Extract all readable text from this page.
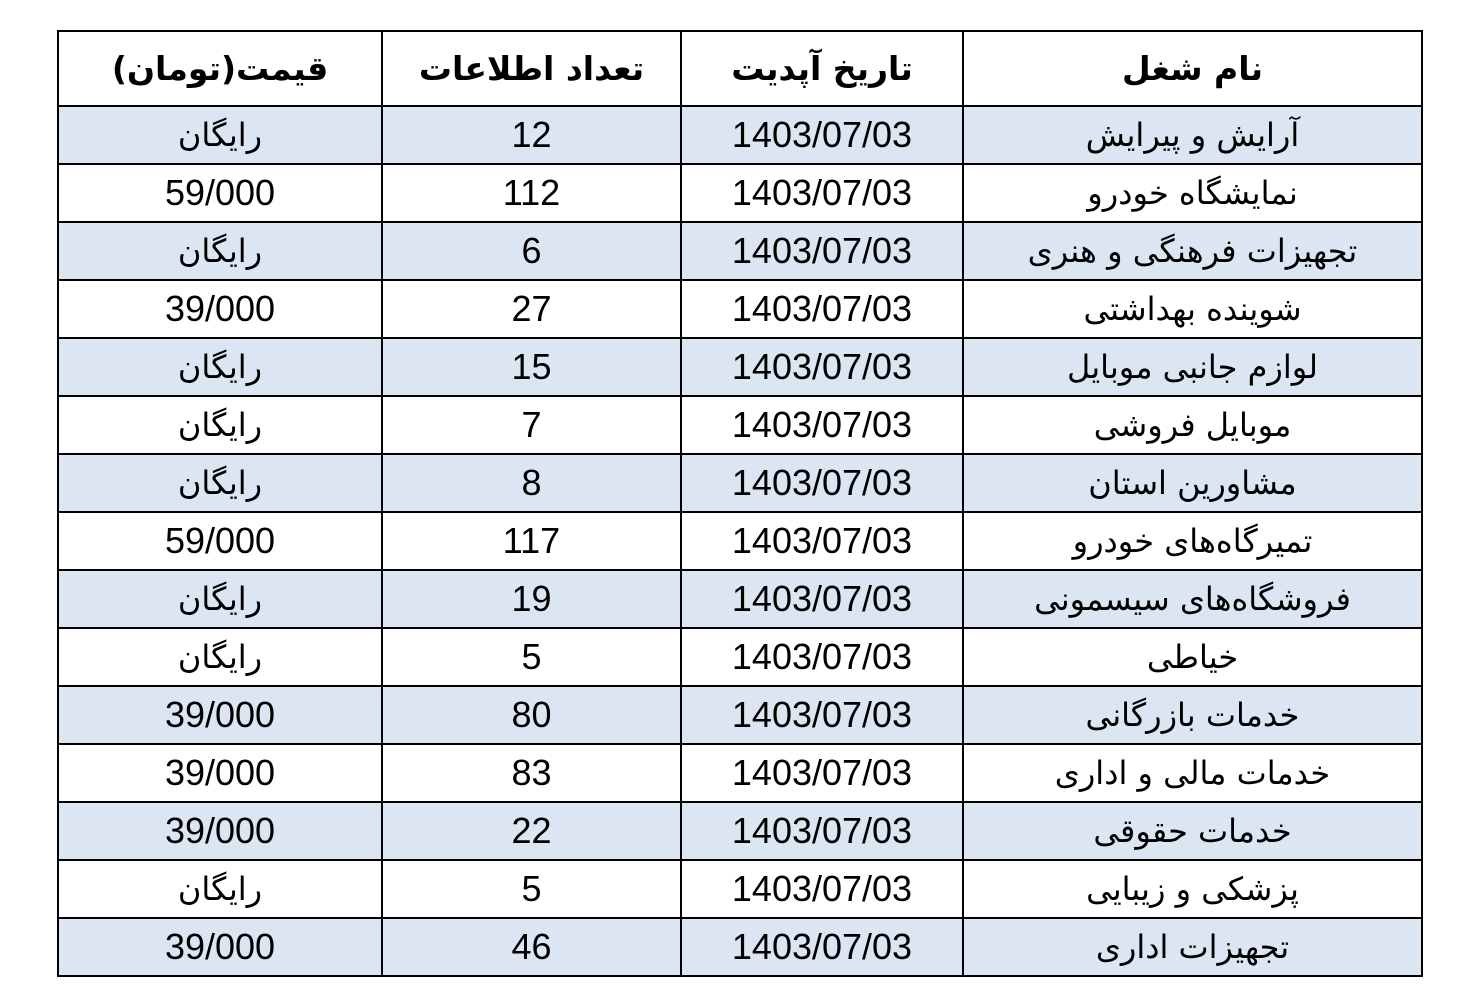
نام شغل	تاریخ آپدیت	تعداد اطلاعات	قیمت(تومان)
آرایش و پیرایش	1403/07/03	12	رایگان
نمایشگاه خودرو	1403/07/03	112	59/000
تجهیزات فرهنگی و هنری	1403/07/03	6	رایگان
شوینده بهداشتی	1403/07/03	27	39/000
لوازم جانبی موبایل	1403/07/03	15	رایگان
موبایل فروشی	1403/07/03	7	رایگان
مشاورین استان	1403/07/03	8	رایگان
تمیرگاه‌های خودرو	1403/07/03	117	59/000
فروشگاه‌های سیسمونی	1403/07/03	19	رایگان
خیاطی	1403/07/03	5	رایگان
خدمات بازرگانی	1403/07/03	80	39/000
خدمات مالی و اداری	1403/07/03	83	39/000
خدمات حقوقی	1403/07/03	22	39/000
پزشکی و زیبایی	1403/07/03	5	رایگان
تجهیزات اداری	1403/07/03	46	39/000
